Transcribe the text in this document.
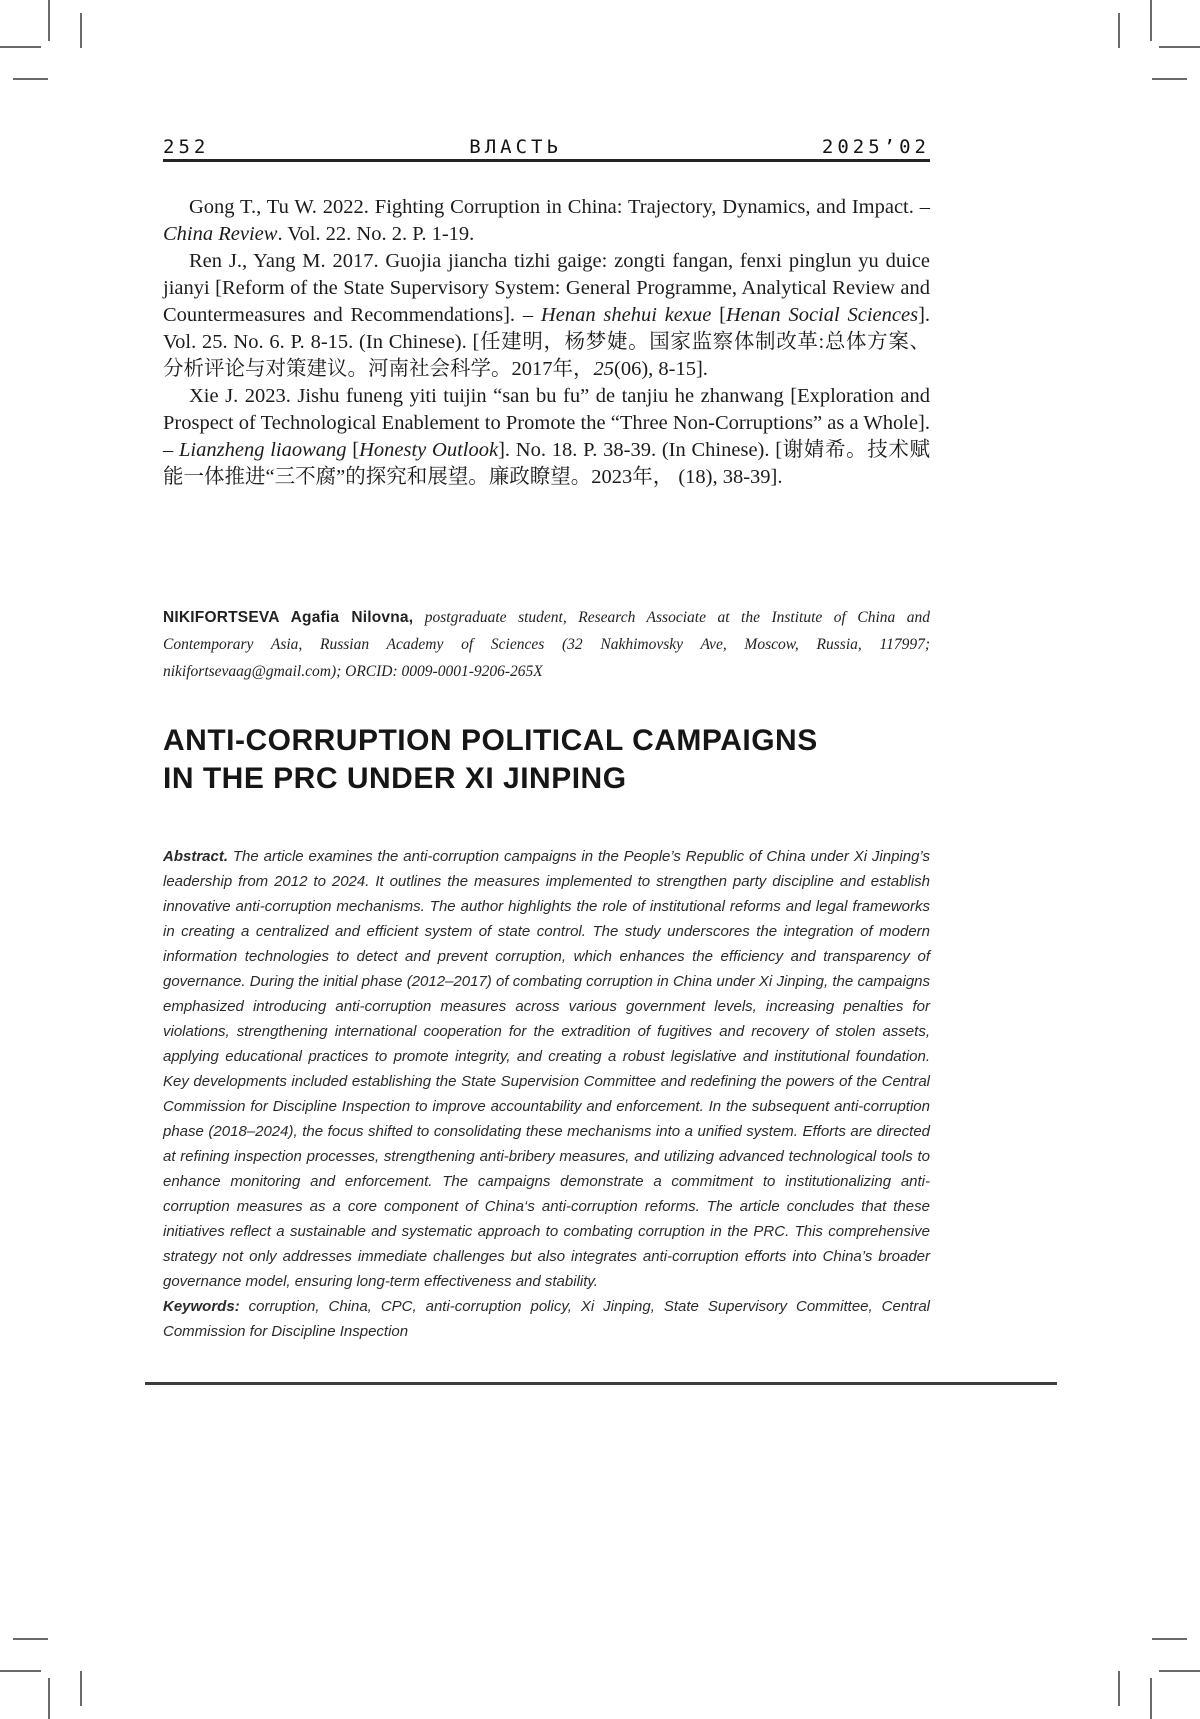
252	ВЛАСТЬ	2025’02

Gong T., Tu W. 2022. Fighting Corruption in China: Trajectory, Dynamics, and Impact. – China Review. Vol. 22. No. 2. P. 1-19.

Ren J., Yang M. 2017. Guojia jiancha tizhi gaige: zongti fangan, fenxi pinglun yu duice jianyi [Reform of the State Supervisory System: General Programme, Analytical Review and Countermeasures and Recommendations]. – Henan shehui kexue [Henan Social Sciences]. Vol. 25. No. 6. P. 8-15. (In Chinese). [任建明，杨梦婕。国家监察体制改革:总体方案、分析评论与对策建议。河南社会科学。2017年，25(06), 8-15].

Xie J. 2023. Jishu funeng yiti tuijin “san bu fu” de tanjiu he zhanwang [Exploration and Prospect of Technological Enablement to Promote the “Three Non-Corruptions” as a Whole]. – Lianzheng liaowang [Honesty Outlook]. No. 18. P. 38-39. (In Chinese). [谢婧希。技术赋能一体推进“三不腐”的探究和展望。廉政瞭望。2023年， (18), 38-39].

NIKIFORTSEVA Agafia Nilovna, postgraduate student, Research Associate at the Institute of China and Contemporary Asia, Russian Academy of Sciences (32 Nakhimovsky Ave, Moscow, Russia, 117997; nikifortsevaag@gmail.com); ORCID: 0009-0001-9206-265X
ANTI-CORRUPTION POLITICAL CAMPAIGNS
IN THE PRC UNDER XI JINPING

Abstract. The article examines the anti-corruption campaigns in the People’s Republic of China under Xi Jinping’s leadership from 2012 to 2024. It outlines the measures implemented to strengthen party discipline and establish innovative anti-corruption mechanisms. The author highlights the role of institutional reforms and legal frameworks in creating a centralized and efficient system of state control. The study underscores the integration of modern information technologies to detect and prevent corruption, which enhances the efficiency and transparency of governance. During the initial phase (2012–2017) of combating corruption in China under Xi Jinping, the campaigns emphasized introducing anti-corruption measures across various government levels, increasing penalties for violations, strengthening international cooperation for the extradition of fugitives and recovery of stolen assets, applying educational practices to promote integrity, and creating a robust legislative and institutional foundation. Key developments included establishing the State Supervision Committee and redefining the powers of the Central Commission for Discipline Inspection to improve accountability and enforcement. In the subsequent anti-corruption phase (2018–2024), the focus shifted to consolidating these mechanisms into a unified system. Efforts are directed at refining inspection processes, strengthening anti-bribery measures, and utilizing advanced technological tools to enhance monitoring and enforcement. The campaigns demonstrate a commitment to institutionalizing anti-corruption measures as a core component of China‘s anti-corruption reforms. The article concludes that these initiatives reflect a sustainable and systematic approach to combating corruption in the PRC. This comprehensive strategy not only addresses immediate challenges but also integrates anti-corruption efforts into China’s broader governance model, ensuring long-term effectiveness and stability.

Keywords: corruption, China, CPC, anti-corruption policy, Xi Jinping, State Supervisory Committee, Central Commission for Discipline Inspection
